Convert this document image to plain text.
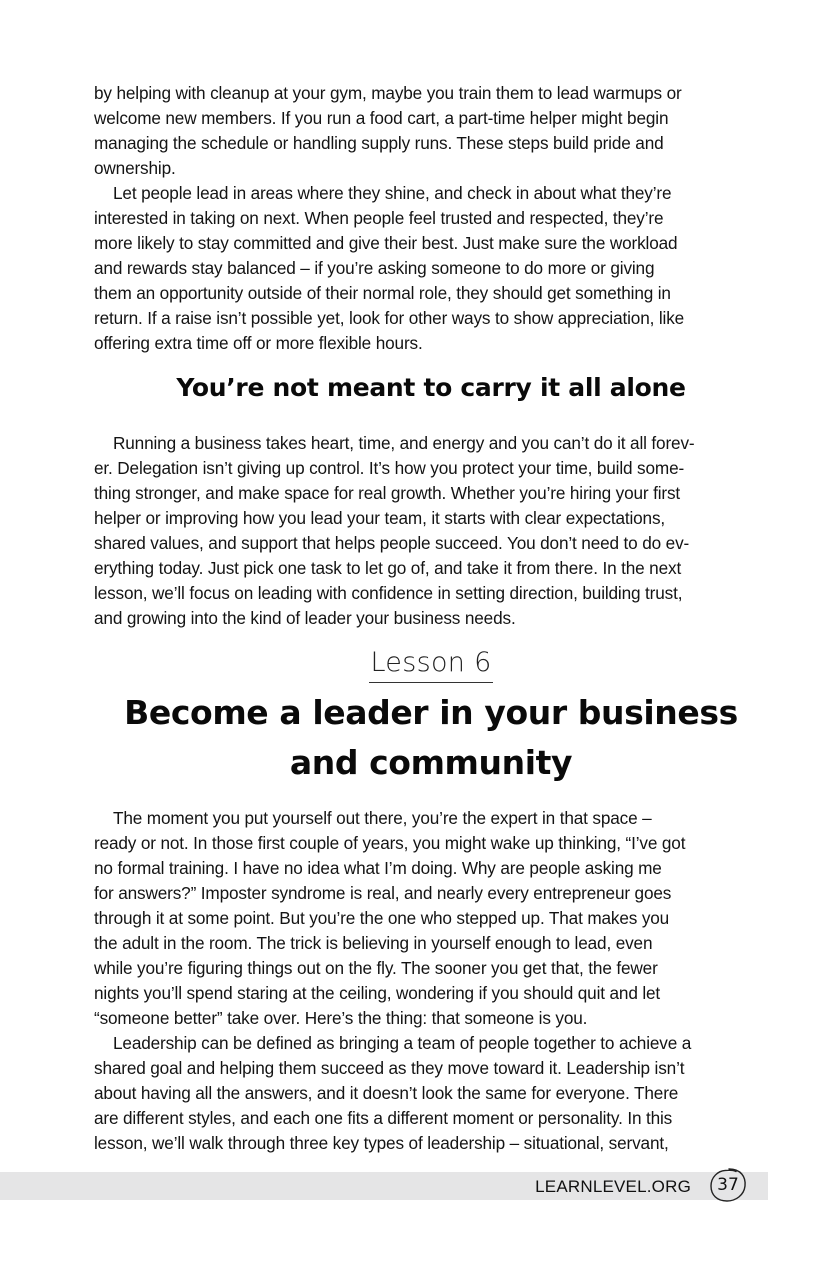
by helping with cleanup at your gym, maybe you train them to lead warmups or
welcome new members. If you run a food cart, a part-time helper might begin
managing the schedule or handling supply runs. These steps build pride and
ownership.
Let people lead in areas where they shine, and check in about what they’re
interested in taking on next. When people feel trusted and respected, they’re
more likely to stay committed and give their best. Just make sure the workload
and rewards stay balanced – if you’re asking someone to do more or giving
them an opportunity outside of their normal role, they should get something in
return. If a raise isn’t possible yet, look for other ways to show appreciation, like
offering extra time off or more flexible hours.
You’re not meant to carry it all alone
Running a business takes heart, time, and energy and you can’t do it all forev-
er. Delegation isn’t giving up control. It’s how you protect your time, build some-
thing stronger, and make space for real growth. Whether you’re hiring your first
helper or improving how you lead your team, it starts with clear expectations,
shared values, and support that helps people succeed. You don’t need to do ev-
erything today. Just pick one task to let go of, and take it from there. In the next
lesson, we’ll focus on leading with confidence in setting direction, building trust,
and growing into the kind of leader your business needs.
Lesson 6
Become a leader in your business
and community
The moment you put yourself out there, you’re the expert in that space –
ready or not. In those first couple of years, you might wake up thinking, “I’ve got
no formal training. I have no idea what I’m doing. Why are people asking me
for answers?” Imposter syndrome is real, and nearly every entrepreneur goes
through it at some point. But you’re the one who stepped up. That makes you
the adult in the room. The trick is believing in yourself enough to lead, even
while you’re figuring things out on the fly. The sooner you get that, the fewer
nights you’ll spend staring at the ceiling, wondering if you should quit and let
“someone better” take over. Here’s the thing: that someone is you.
Leadership can be defined as bringing a team of people together to achieve a
shared goal and helping them succeed as they move toward it. Leadership isn’t
about having all the answers, and it doesn’t look the same for everyone. There
are different styles, and each one fits a different moment or personality. In this
lesson, we’ll walk through three key types of leadership – situational, servant,
LEARNLEVEL.ORG 37
